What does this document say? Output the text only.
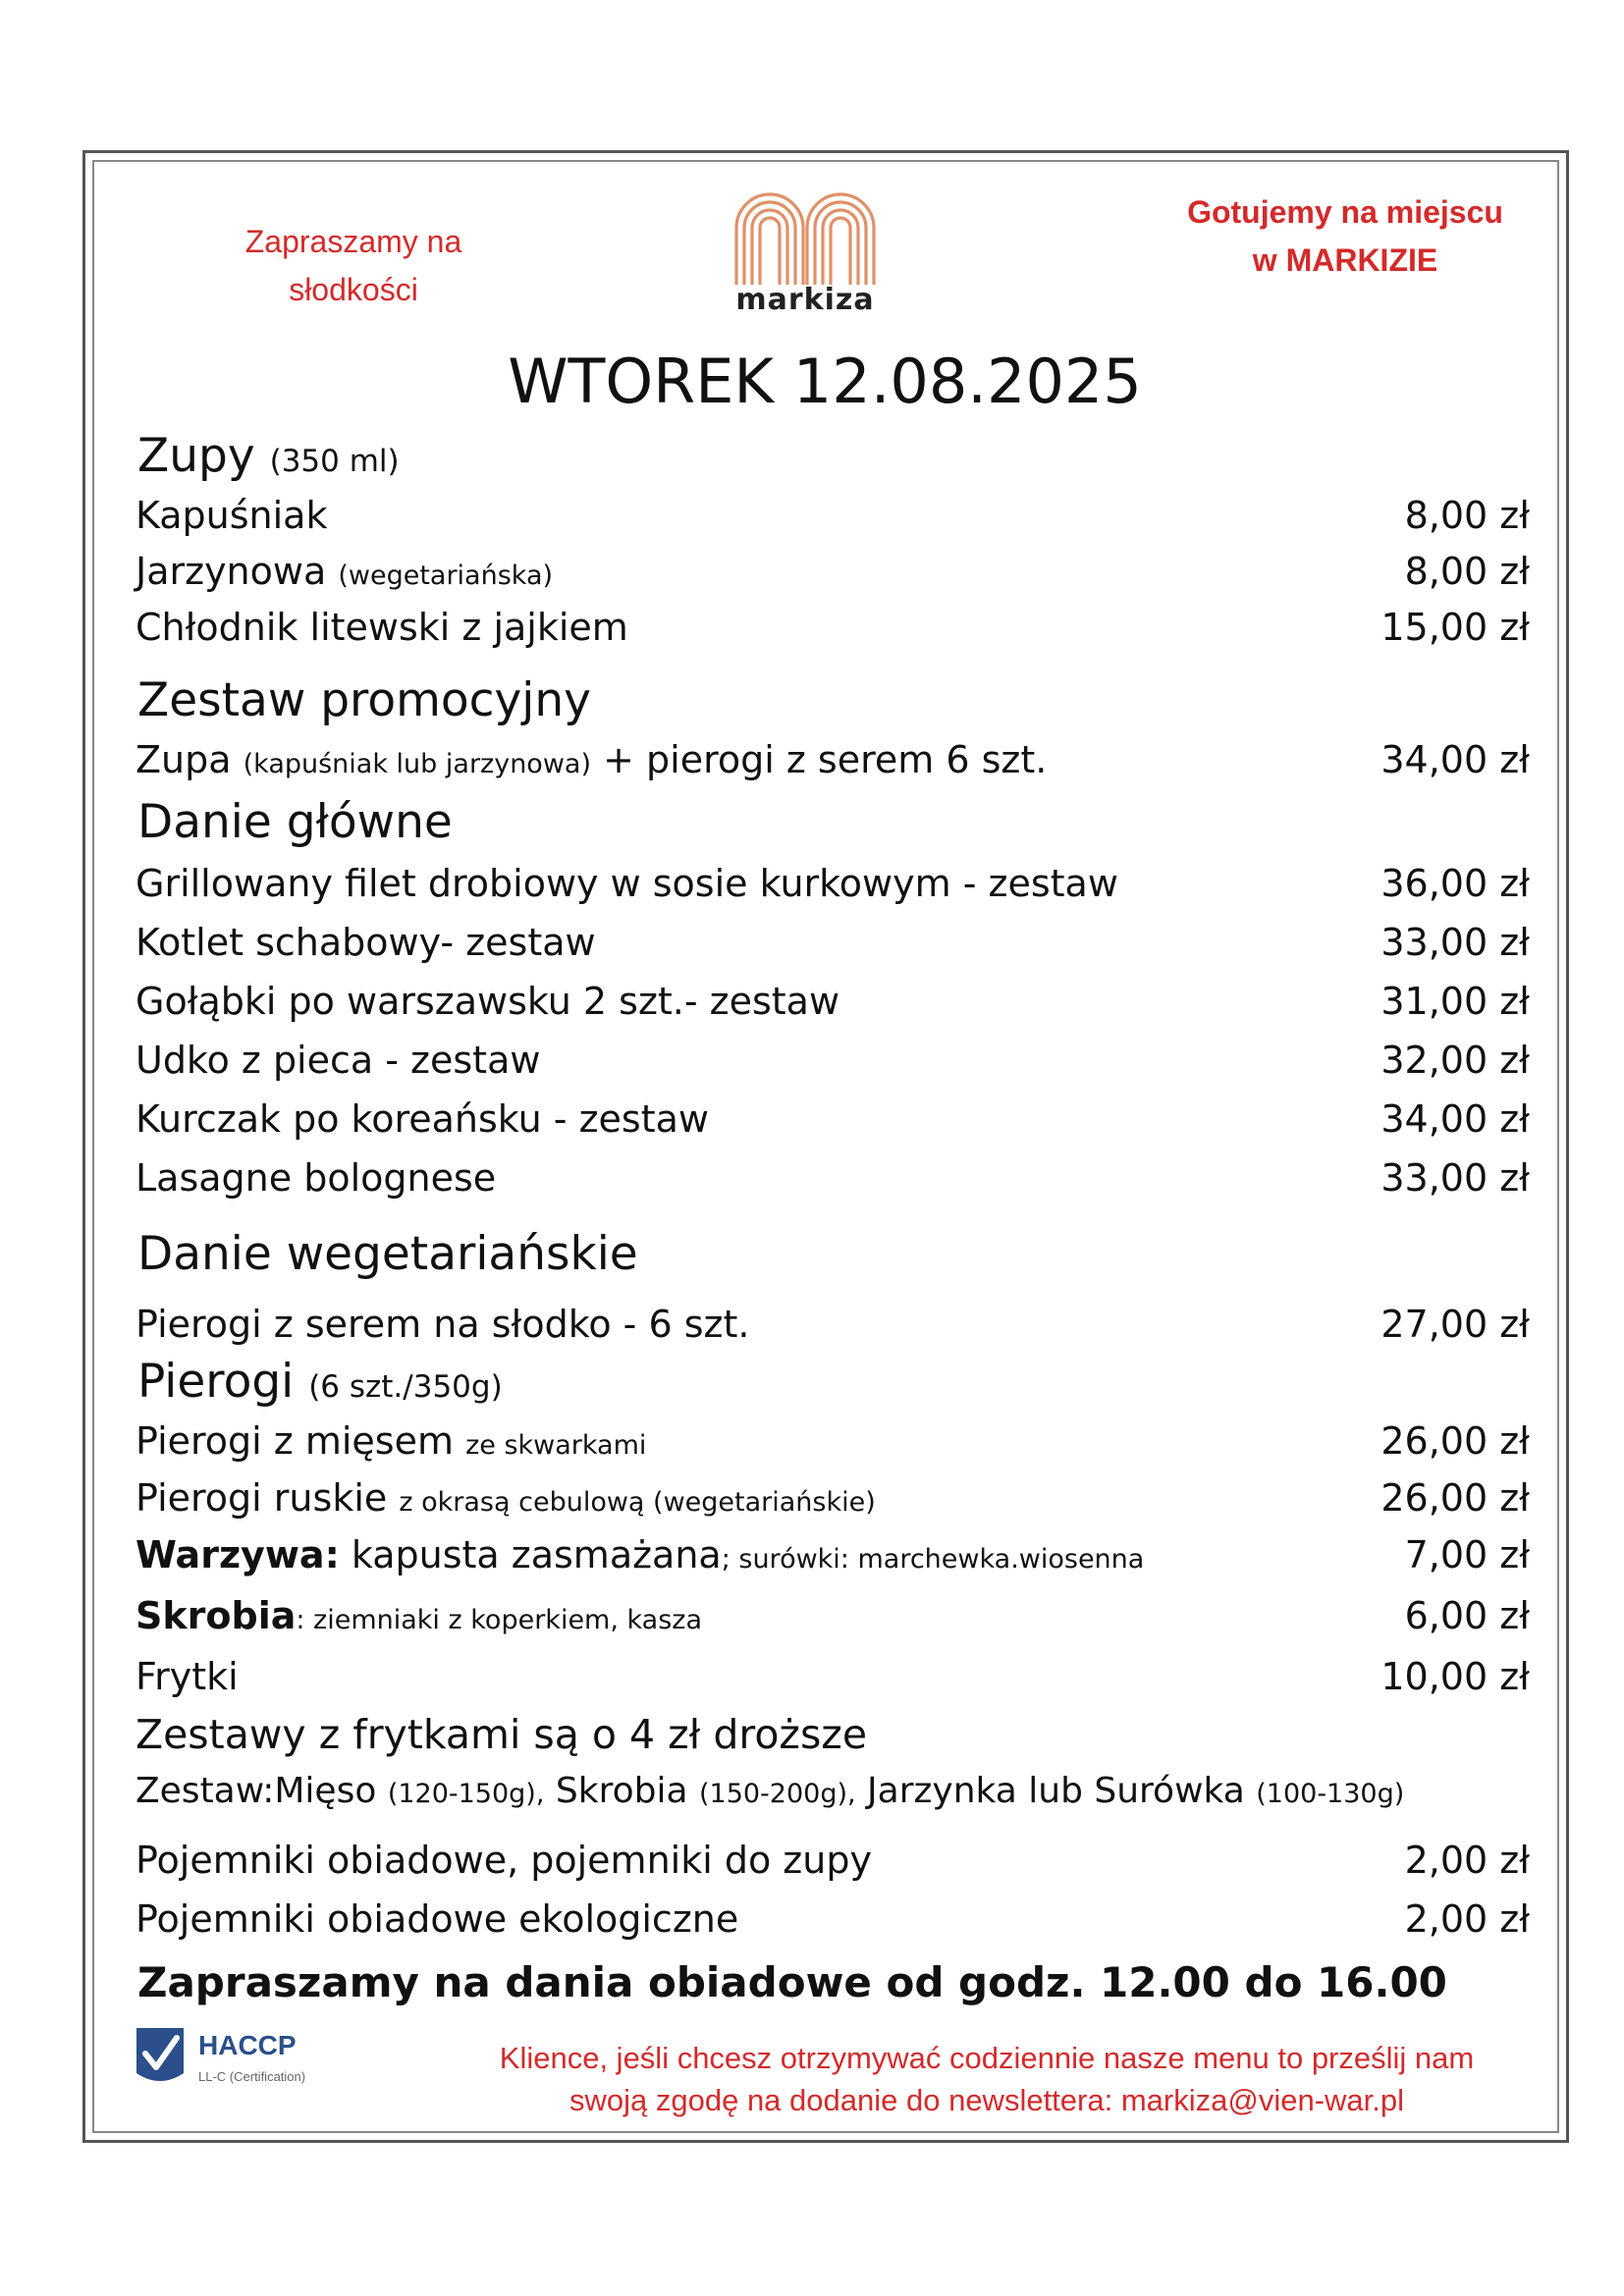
Zapraszamy na
słodkości	markiza
Gotujemy na miejscu
w MARKIZIE
WTOREK 12.08.2025
Zupy (350 ml)
Kapuśniak	8,00 zł
Jarzynowa (wegetariańska)	8,00 zł
Chłodnik litewski z jajkiem	15,00 zł
Zestaw promocyjny
Zupa (kapuśniak lub jarzynowa) + pierogi z serem 6 szt.	34,00 zł
Danie główne
Grillowany filet drobiowy w sosie kurkowym - zestaw	36,00 zł
Kotlet schabowy- zestaw	33,00 zł
Gołąbki po warszawsku 2 szt.- zestaw	31,00 zł
Udko z pieca - zestaw	32,00 zł
Kurczak po koreańsku - zestaw	34,00 zł
Lasagne bolognese	33,00 zł
Danie wegetariańskie
Pierogi z serem na słodko - 6 szt.	27,00 zł
Pierogi (6 szt./350g)
Pierogi z mięsem ze skwarkami	26,00 zł
Pierogi ruskie z okrasą cebulową (wegetariańskie)	26,00 zł
Warzywa: kapusta zasmażana; surówki: marchewka.wiosenna	7,00 zł
Skrobia: ziemniaki z koperkiem, kasza	6,00 zł
Frytki	10,00 zł
Zestawy z frytkami są o 4 zł droższe
Zestaw:Mięso (120-150g), Skrobia (150-200g), Jarzynka lub Surówka (100-130g)
Pojemniki obiadowe, pojemniki do zupy	2,00 zł
Pojemniki obiadowe ekologiczne	2,00 zł
Zapraszamy na dania obiadowe od godz. 12.00 do 16.00
HACCP
LL-C (Certification)
Klience, jeśli chcesz otrzymywać codziennie nasze menu to prześlij nam
swoją zgodę na dodanie do newslettera: markiza@vien-war.pl
